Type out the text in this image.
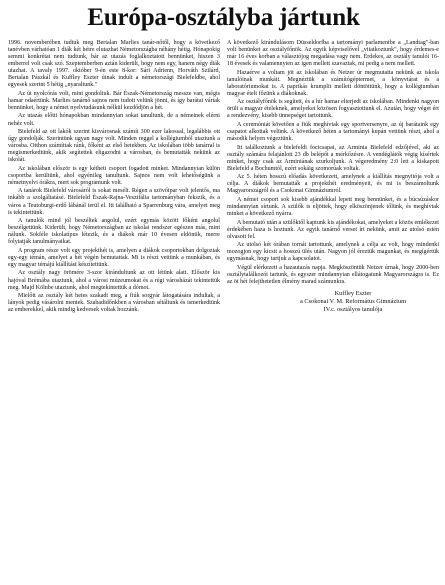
Európa-osztályba jártunk

1996. novemberében tudtuk meg Bertalan Marlies tanár-nőtől, hogy a következő tanévben várhatóan 1 diák két hétre elutazhat Németországba néhány hétig. Hónapokig semmi konkrétat nem tudtunk, bár az utazás foglalkoztatott bennünket, hiszen 3 emberrel volt csak szó. Szeptemberben aztán kiderült, hogy nem egy, hanem négy diák utazhat. A tavaly 1997. október 9-én este 8-kor: Sári Adrienn, Horváth Szilárd, Bertalan Pászkál és Kuffley Eszter útnak indult a németországi Bielefeldbe, ahol egyesek szerint 5 hétig „nyaraltunk."

Az út nyolcórás volt, mint gondoltuk. Bár Észak-Németország messze van, mégis hamar odaértünk. Marlies tanárnő sajnos nem tudott velünk jönni, és így barátai vártak bennünket, hogy a német nyelvtudásunk nélkül kezdődjön a hét.

Az utazás előtti hónapokban mindannyian sokat tanultunk, de a németnek elérni nehéz volt.

Bielefeld az ott lakók szerint kisvárosnak számít 300 ezer lakossal, legalábbis ott úgy gondolják. Szerintünk ugyan nagy volt. Minden reggel a kollégiumból utaztunk a városba. Otthon számíttak ránk, főként az első hetekben. Az iskolában több tanárral is megismerkedtünk, akik segítettek eligazodni a városban, és bemutatták nekünk az iskolát.

Az iskolában először is egy kétheti csoport fogadott minket. Mindannyian külön csoportba kerültünk, ahol egyénileg tanultunk. Sajnos nem volt lehetőségünk a németnyelvi órákra, mert sok programunk volt.

A tanárok Bielefeld városáról is sokat mesélt. Régen a szövőipar volt jelentős, ma inkább a szolgáltatásé. Bielefeld Észak-Rajna-Vesztfália tartományban fekszik, és a város a Teutoburgi-erdő lábánál terül el. Itt található a Sparrenburg vára, amelyet meg is tekintettünk.

A tanulók mind jól beszéltek angolul, ezért egymás között főként angolul beszélgettünk. Kiderült, hogy Németországban az iskolai rendszer egészen más, mint nálunk. Sokféle iskolatípus létezik, és a diákok már 10 évesen eldöntik, merre folytatják tanulmányaikat.

A program része volt egy projekthét is, amelyen a diákok csoportokban dolgoztak egy-egy témán, amelyet a hét végén bemutattak. Mi is részt vettünk a munkában, és egy magyar témájú kiállítást készítettünk.

Az osztály nagy örömére 3-szor kirándultunk az ott létünk alatt. Először kis hajóval Brémába utaztunk, ahol a városi múzeumokat és a régi városházát tekintettük meg. Majd Kölnbe utaztunk, ahol megtekintettük a dómot.

Mielőtt az osztály két hetes szakadt meg, a fiúk sorgyár látogatására indultak, a lányok pedig vásárolni mentek. Szabadidőnkben a városban sétáltunk és ismerkedtünk az emberekkel, akik mindig kedvesek voltak hozzánk.

A következő kirándulásom Düsseldorfba a tartományi parlamentbe a „Landtag"-ban volt benünket az osztályfőnök. Az egyik képviselővel „vitatkoztunk", hogy érdemes-e már 16 éves korban a választójog megadása vagy nem. Érdekes, az osztály tanulói 16-18 évesek és valamennyien az igen mellett szavaztak, mi pedig a nem mellett.

Hazaérve a voltam jöt az iskolában és Netzer úr megmutatta nekünk az iskola tanulóinak munkáit. Megnéztük a számítógéptermet, a könyvtárat és a laboratóriumokat is. A paprikás krumplit mellett döntöttünk, hogy a kollégiumban magyar ételt főzünk a diákoknak.

Az osztályfőnök is segített, és a hír hamar elterjedt az iskolában. Mindenki nagyon örült a magyar ételeknek, amelyeket közösen fogyasztottunk el. Azután, hogy véget ért a rendezvény, kisebb ünnepséget tartottunk.

A ceremóniát követően a fiúk meghívtak egy sportversenyre, az új barátaink egy csapatot alkottak velünk. A következő héten a tartományi kupán vettünk részt, ahol a második helyen végeztünk.

Itt találkoztunk a bielefeldi focicsapat, az Arminia Bielefeld edzőjével, aki az osztály számára felajánlott 23 db belépőt a mérkőzésre. A vendéglátók végig kísértek minket, hogy csak az Arminiának szurkoljunk. A végeredmény 2:0 lett a kiskapott Bielefeld a Bochumtól, ezért sokáig szomorúak voltak.

Az 5. héten hosszú előadás következett, amelynek a kiállítás megnyitója volt a célja. A diákok bemutatták a projekthét eredményeit, és mi is beszámoltunk Magyarországról és a Csokonai Gimnáziumról.

A német csoport sok kisebb ajándékkal lepett meg bennünket, és a búcsúzáskor mindannyian sírtunk. A szülők is eljöttek, hogy elköszönjenek tőlünk, és meghívtak minket a következő nyárra.

A bemutató után a szülőktől kaptunk kis ajándékokat, amelyeket a közös emlékezet érdekében haza is hoztunk. Az egyik tanárnő verset írt nekünk, amit az utolsó estén olvasott fel.

Az utolsó két órában tornát tartottunk, amelynek a célja az volt, hogy mindenki mozogjon egy kicsit a hosszú ülés után. Nagyon jól éreztük magunkat, és megígértük egymásnak, hogy tartjuk a kapcsolatot.

Végül elérkezett a hazautazás napja. Megköszöntük Netzer úrnak, hogy 2000-ben osztálytalálkozót tartunk, és egyszer mindannyian ellátogatunk Magyarországra is. Ez az öt hét felejthetetlen élmény marad számunkra.

Kuffley Eszter
a Csokonai V. M. Református Gimnázium
IV.c. osztályos tanulója
